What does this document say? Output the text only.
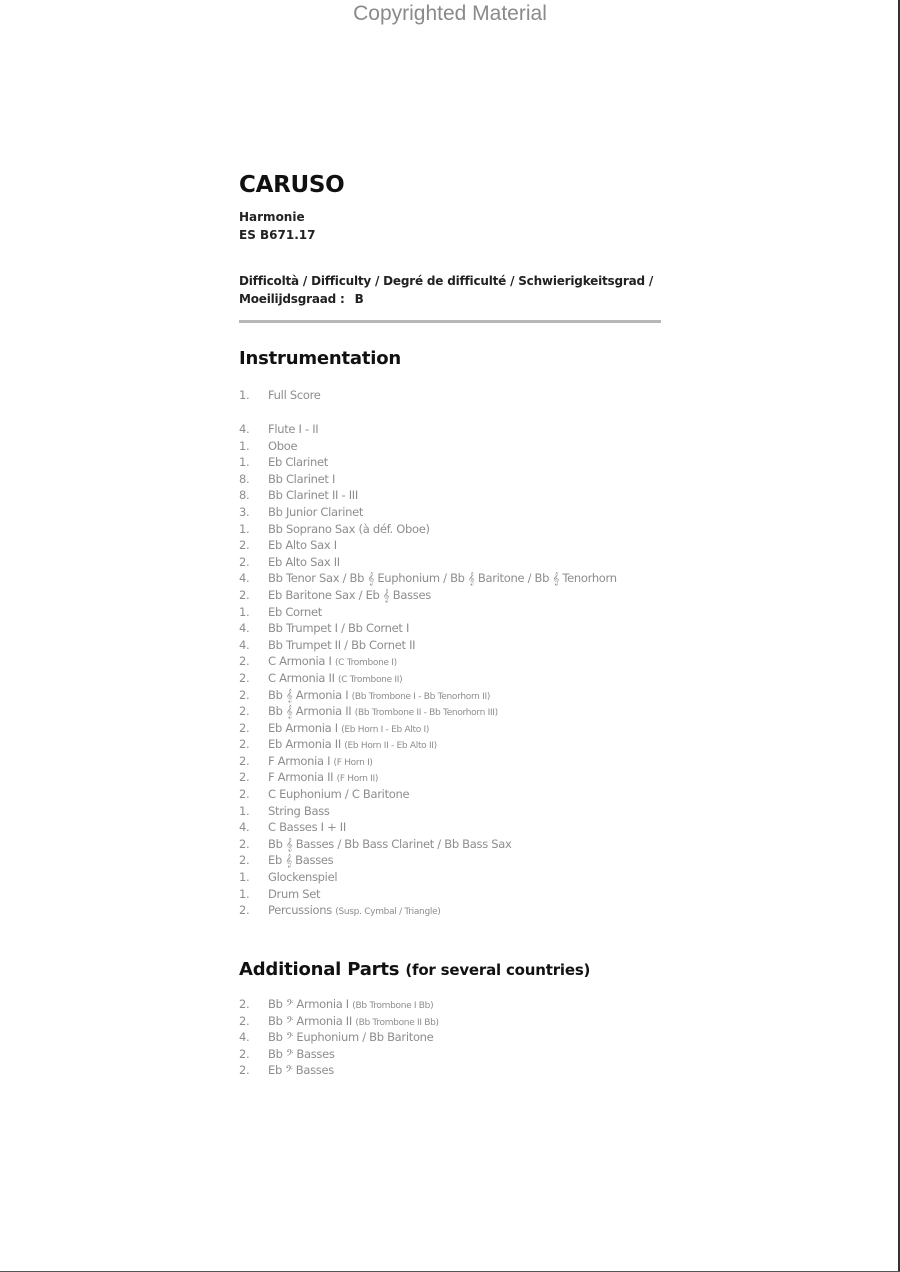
Copyrighted Material
CARUSO
Harmonie
ES B671.17
Difficoltà / Difficulty / Degré de difficulté / Schwierigkeitsgrad / Moeilijdsgraad : B
Instrumentation
1. Full Score
4. Flute I - II
1. Oboe
1. Eb Clarinet
8. Bb Clarinet I
8. Bb Clarinet II - III
3. Bb Junior Clarinet
1. Bb Soprano Sax (à déf. Oboe)
2. Eb Alto Sax I
2. Eb Alto Sax II
4. Bb Tenor Sax / Bb 𝄞 Euphonium / Bb 𝄞 Baritone / Bb 𝄞 Tenorhorn
2. Eb Baritone Sax / Eb 𝄞 Basses
1. Eb Cornet
4. Bb Trumpet I / Bb Cornet I
4. Bb Trumpet II / Bb Cornet II
2. C Armonia I (C Trombone I)
2. C Armonia II (C Trombone II)
2. Bb 𝄞 Armonia I (Bb Trombone I - Bb Tenorhorn II)
2. Bb 𝄞 Armonia II (Bb Trombone II - Bb Tenorhorn III)
2. Eb Armonia I (Eb Horn I - Eb Alto I)
2. Eb Armonia II (Eb Horn II - Eb Alto II)
2. F Armonia I (F Horn I)
2. F Armonia II (F Horn II)
2. C Euphonium / C Baritone
1. String Bass
4. C Basses I + II
2. Bb 𝄞 Basses / Bb Bass Clarinet / Bb Bass Sax
2. Eb 𝄞 Basses
1. Glockenspiel
1. Drum Set
2. Percussions (Susp. Cymbal / Triangle)
Additional Parts (for several countries)
2. Bb 𝄢 Armonia I (Bb Trombone I Bb)
2. Bb 𝄢 Armonia II (Bb Trombone II Bb)
4. Bb 𝄢 Euphonium / Bb Baritone
2. Bb 𝄢 Basses
2. Eb 𝄢 Basses
